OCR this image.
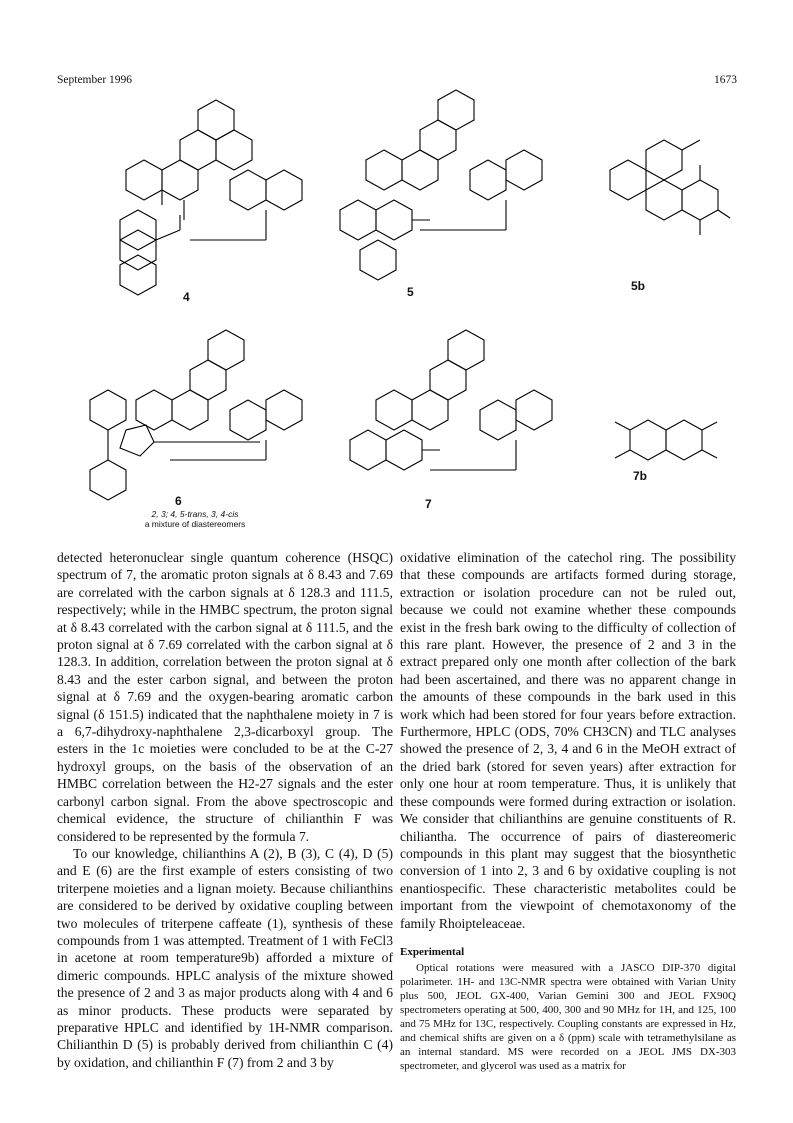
September 1996	1673
4	5	5b
6
2, 3; 4, 5-trans, 3, 4-cis
a mixture of diastereomers
7
7b

detected heteronuclear single quantum coherence (HSQC) spectrum of 7, the aromatic proton signals at δ 8.43 and 7.69 are correlated with the carbon signals at δ 128.3 and 111.5, respectively; while in the HMBC spectrum, the proton signal at δ 8.43 correlated with the carbon signal at δ 111.5, and the proton signal at δ 7.69 correlated with the carbon signal at δ 128.3. In addition, correlation between the proton signal at δ 8.43 and the ester carbon signal, and between the proton signal at δ 7.69 and the oxygen-bearing aromatic carbon signal (δ 151.5) indicated that the naphthalene moiety in 7 is a 6,7-dihydroxy-naphthalene 2,3-dicarboxyl group. The esters in the 1c moieties were concluded to be at the C-27 hydroxyl groups, on the basis of the observation of an HMBC correlation between the H2-27 signals and the ester carbonyl carbon signal. From the above spectroscopic and chemical evidence, the structure of chilianthin F was considered to be represented by the formula 7.

To our knowledge, chilianthins A (2), B (3), C (4), D (5) and E (6) are the first example of esters consisting of two triterpene moieties and a lignan moiety. Because chilianthins are considered to be derived by oxidative coupling between two molecules of triterpene caffeate (1), synthesis of these compounds from 1 was attempted. Treatment of 1 with FeCl3 in acetone at room temperature9b) afforded a mixture of dimeric compounds. HPLC analysis of the mixture showed the presence of 2 and 3 as major products along with 4 and 6 as minor products. These products were separated by preparative HPLC and identified by 1H-NMR comparison. Chilianthin D (5) is probably derived from chilianthin C (4) by oxidation, and chilianthin F (7) from 2 and 3 by

oxidative elimination of the catechol ring. The possibility that these compounds are artifacts formed during storage, extraction or isolation procedure can not be ruled out, because we could not examine whether these compounds exist in the fresh bark owing to the difficulty of collection of this rare plant. However, the presence of 2 and 3 in the extract prepared only one month after collection of the bark had been ascertained, and there was no apparent change in the amounts of these compounds in the bark used in this work which had been stored for four years before extraction. Furthermore, HPLC (ODS, 70% CH3CN) and TLC analyses showed the presence of 2, 3, 4 and 6 in the MeOH extract of the dried bark (stored for seven years) after extraction for only one hour at room temperature. Thus, it is unlikely that these compounds were formed during extraction or isolation. We consider that chilianthins are genuine constituents of R. chiliantha. The occurrence of pairs of diastereomeric compounds in this plant may suggest that the biosynthetic conversion of 1 into 2, 3 and 6 by oxidative coupling is not enantiospecific. These characteristic metabolites could be important from the viewpoint of chemotaxonomy of the family Rhoipteleaceae.

Experimental

Optical rotations were measured with a JASCO DIP-370 digital polarimeter. 1H- and 13C-NMR spectra were obtained with Varian Unity plus 500, JEOL GX-400, Varian Gemini 300 and JEOL FX90Q spectrometers operating at 500, 400, 300 and 90 MHz for 1H, and 125, 100 and 75 MHz for 13C, respectively. Coupling constants are expressed in Hz, and chemical shifts are given on a δ (ppm) scale with tetramethylsilane as an internal standard. MS were recorded on a JEOL JMS DX-303 spectrometer, and glycerol was used as a matrix for
